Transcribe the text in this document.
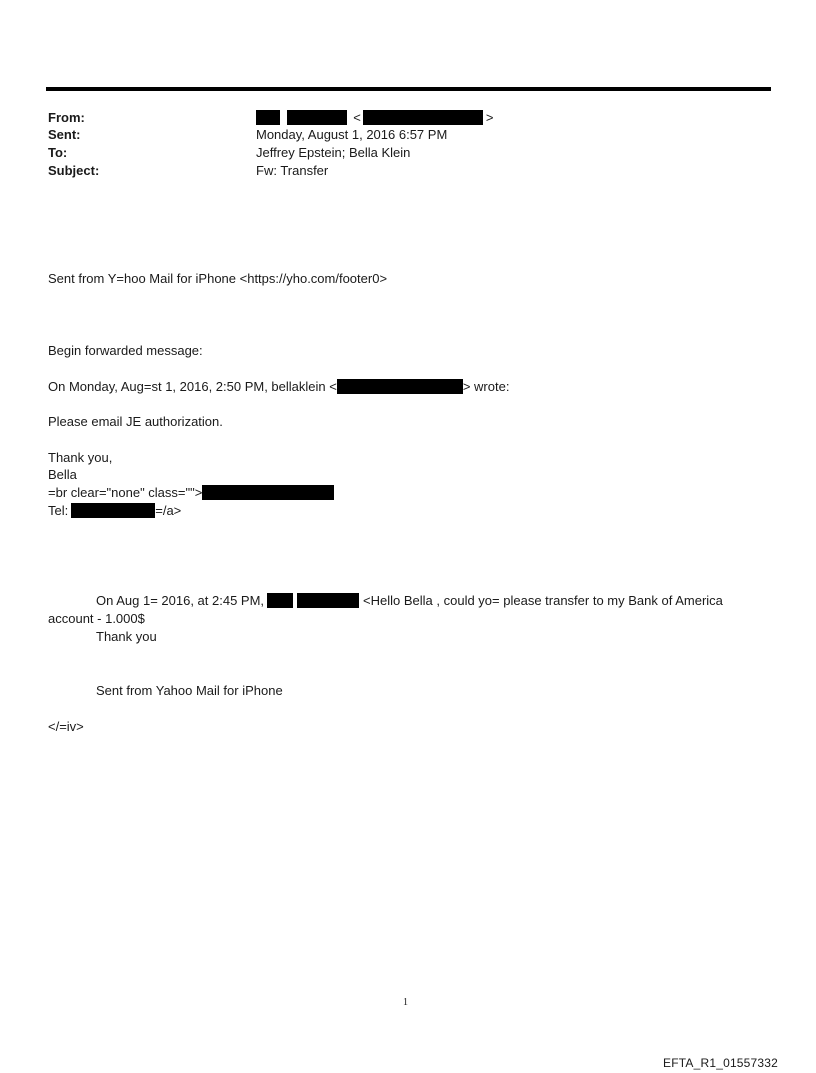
From:	<	>
Sent:	Monday, August 1, 2016 6:57 PM
To:	Jeffrey Epstein; Bella Klein
Subject:	Fw: Transfer
Sent from Y=hoo Mail for iPhone <https://yho.com/footer0>
Begin forwarded message:
On Monday, Aug=st 1, 2016, 2:50 PM, bellaklein <	> wrote:
Please email JE authorization.
Thank you,
Bella
=br clear="none" class="">
Tel:	=/a>
On Aug 1= 2016, at 2:45 PM,	<Hello Bella , could yo= please transfer to my Bank of America
account - 1.000$
Thank you
Sent from Yahoo Mail for iPhone
</=iv>
1
EFTA_R1_01557332
